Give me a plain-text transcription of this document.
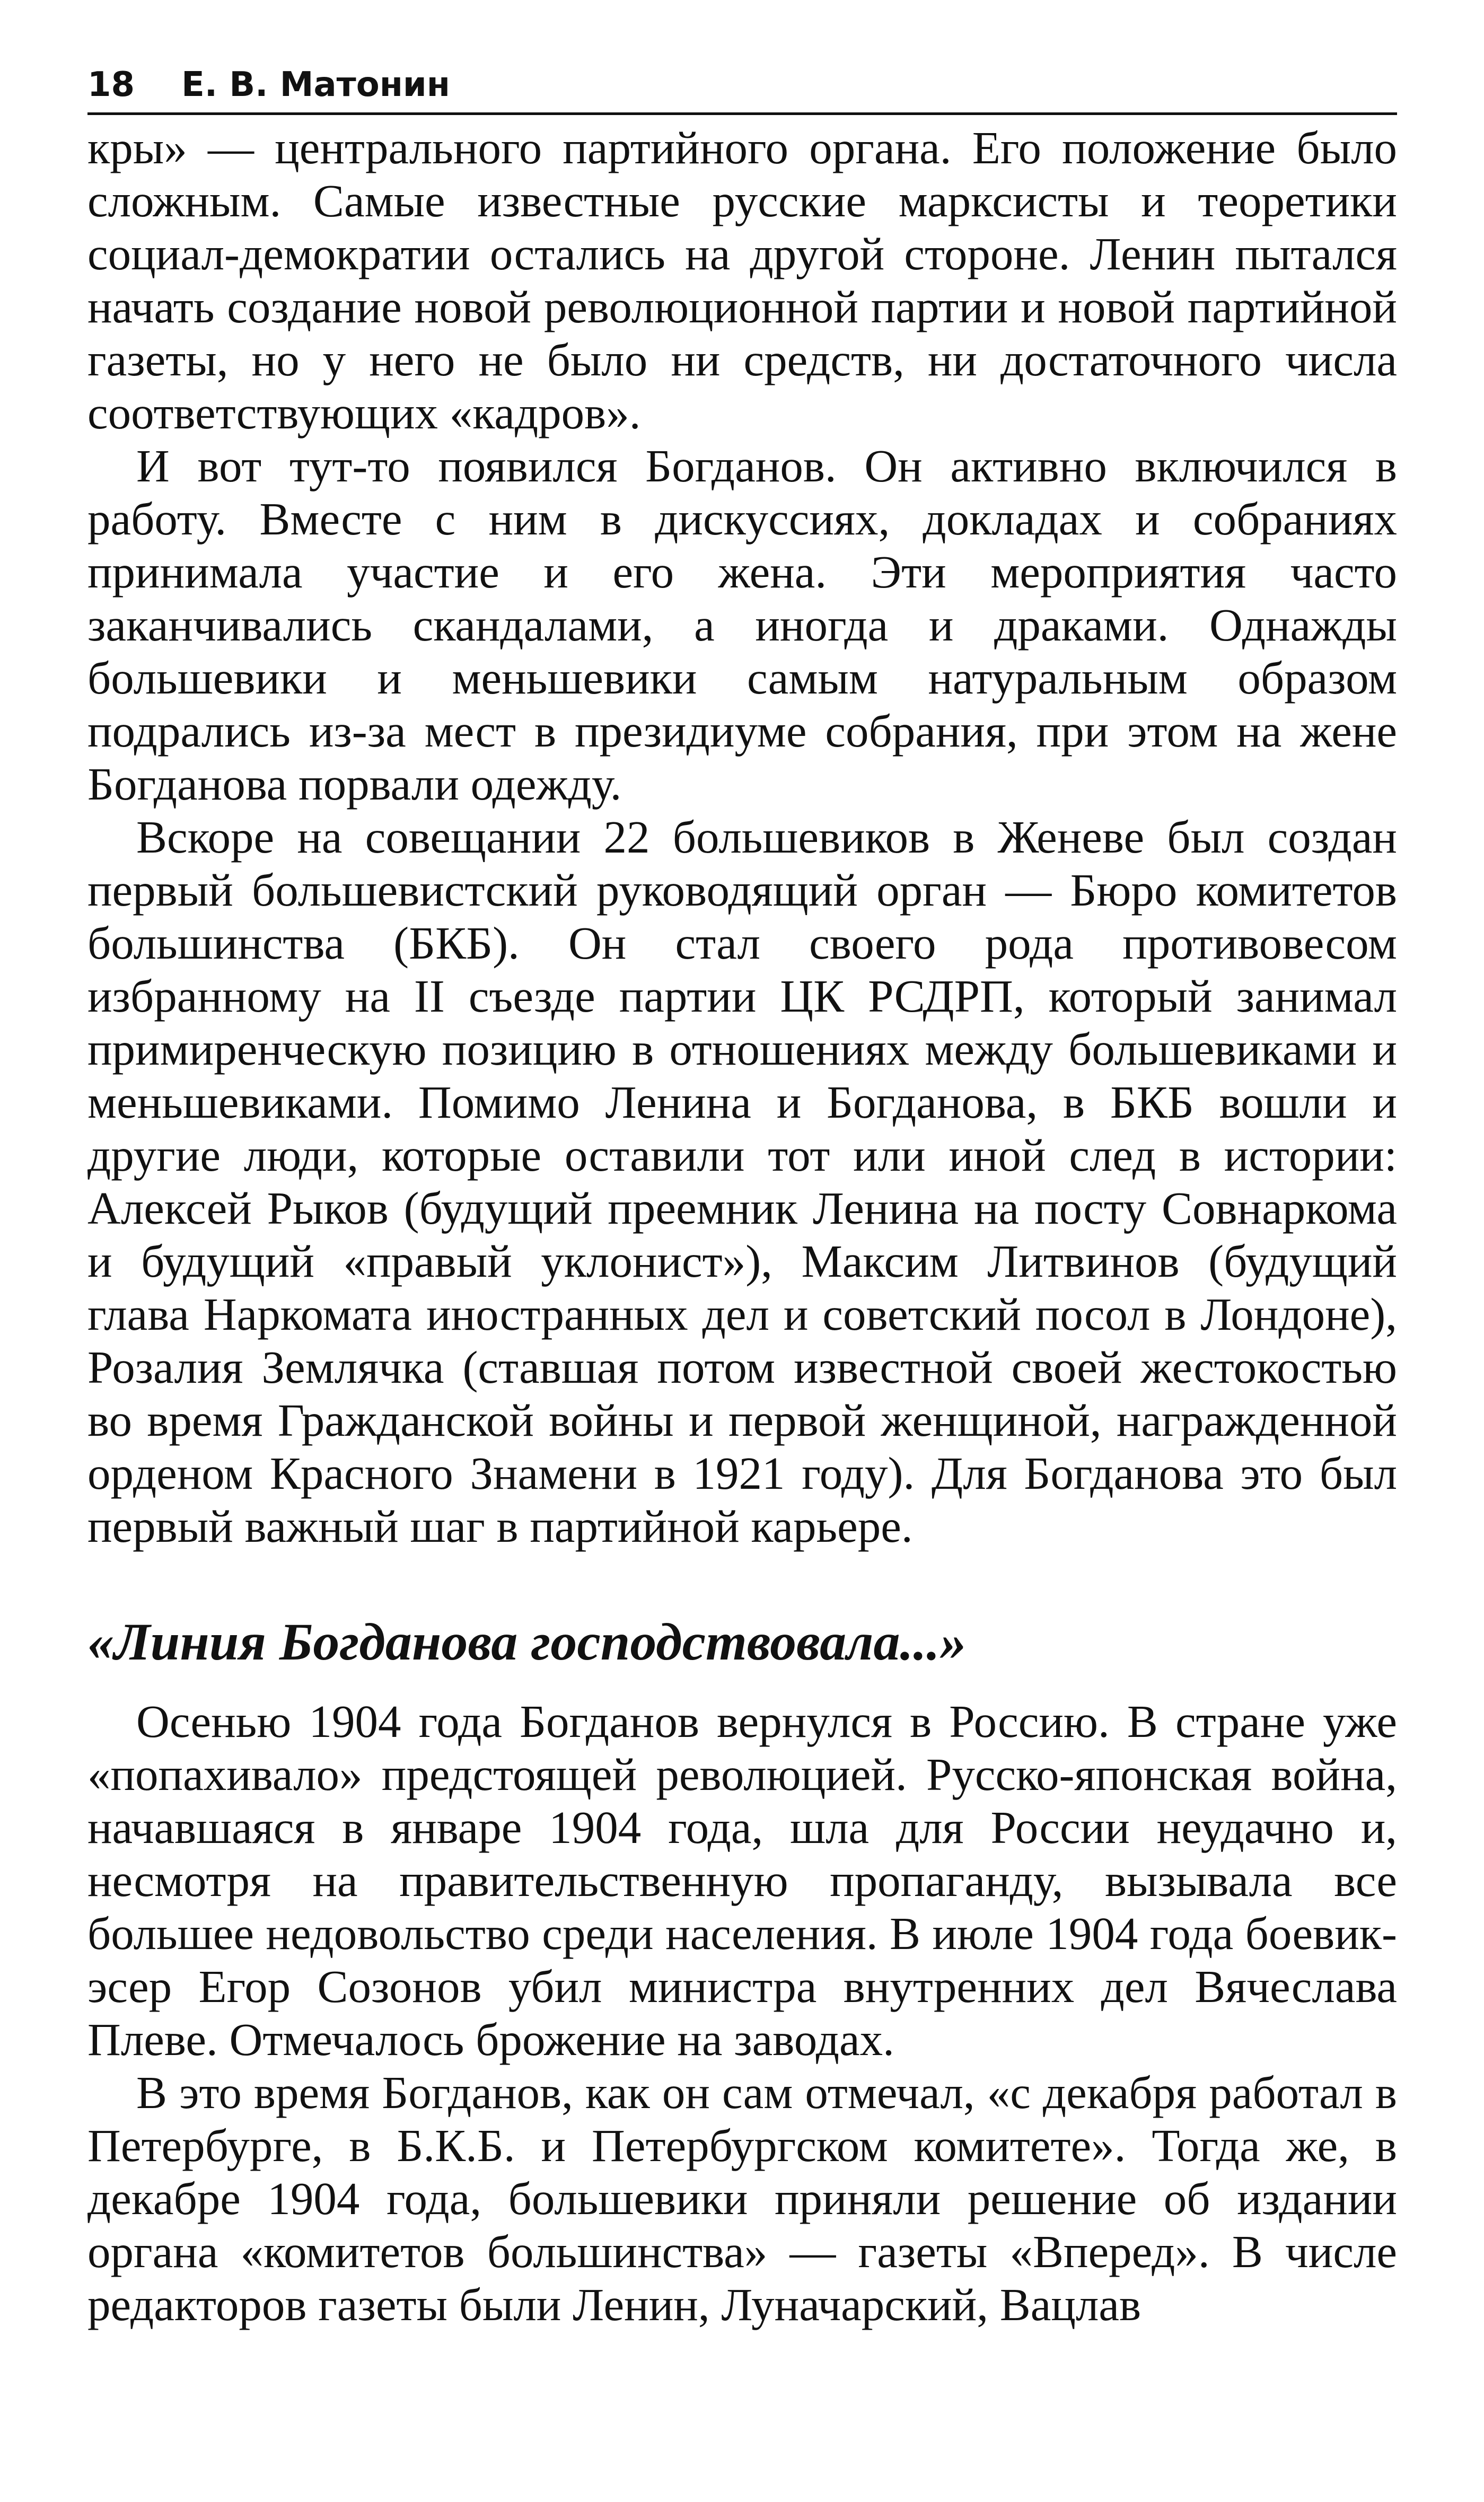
18 Е. В. Матонин

кры» — центрального партийного органа. Его положение было сложным. Самые известные русские марксисты и теоретики социал-демократии остались на другой стороне. Ленин пытался начать создание новой революционной партии и новой партийной газеты, но у него не было ни средств, ни достаточного числа соответствующих «кадров».

И вот тут-то появился Богданов. Он активно включился в работу. Вместе с ним в дискуссиях, докладах и собраниях принимала участие и его жена. Эти мероприятия часто заканчивались скандалами, а иногда и драками. Однажды большевики и меньшевики самым натуральным образом подрались из-за мест в президиуме собрания, при этом на жене Богданова порвали одежду.

Вскоре на совещании 22 большевиков в Женеве был создан первый большевистский руководящий орган — Бюро комитетов большинства (БКБ). Он стал своего рода противовесом избранному на II съезде партии ЦК РСДРП, который занимал примиренческую позицию в отношениях между большевиками и меньшевиками. Помимо Ленина и Богданова, в БКБ вошли и другие люди, которые оставили тот или иной след в истории: Алексей Рыков (будущий преемник Ленина на посту Совнаркома и будущий «правый уклонист»), Максим Литвинов (будущий глава Наркомата иностранных дел и советский посол в Лондоне), Розалия Землячка (ставшая потом известной своей жестокостью во время Гражданской войны и первой женщиной, награжденной орденом Красного Знамени в 1921 году). Для Богданова это был первый важный шаг в партийной карьере.

«Линия Богданова господствовала...»

Осенью 1904 года Богданов вернулся в Россию. В стране уже «попахивало» предстоящей революцией. Русско-японская война, начавшаяся в январе 1904 года, шла для России неудачно и, несмотря на правительственную пропаганду, вызывала все большее недовольство среди населения. В июле 1904 года боевик-эсер Егор Созонов убил министра внутренних дел Вячеслава Плеве. Отмечалось брожение на заводах.

В это время Богданов, как он сам отмечал, «с декабря работал в Петербурге, в Б.К.Б. и Петербургском комитете». Тогда же, в декабре 1904 года, большевики приняли решение об издании органа «комитетов большинства» — газеты «Вперед». В числе редакторов газеты были Ленин, Луначарский, Вацлав
